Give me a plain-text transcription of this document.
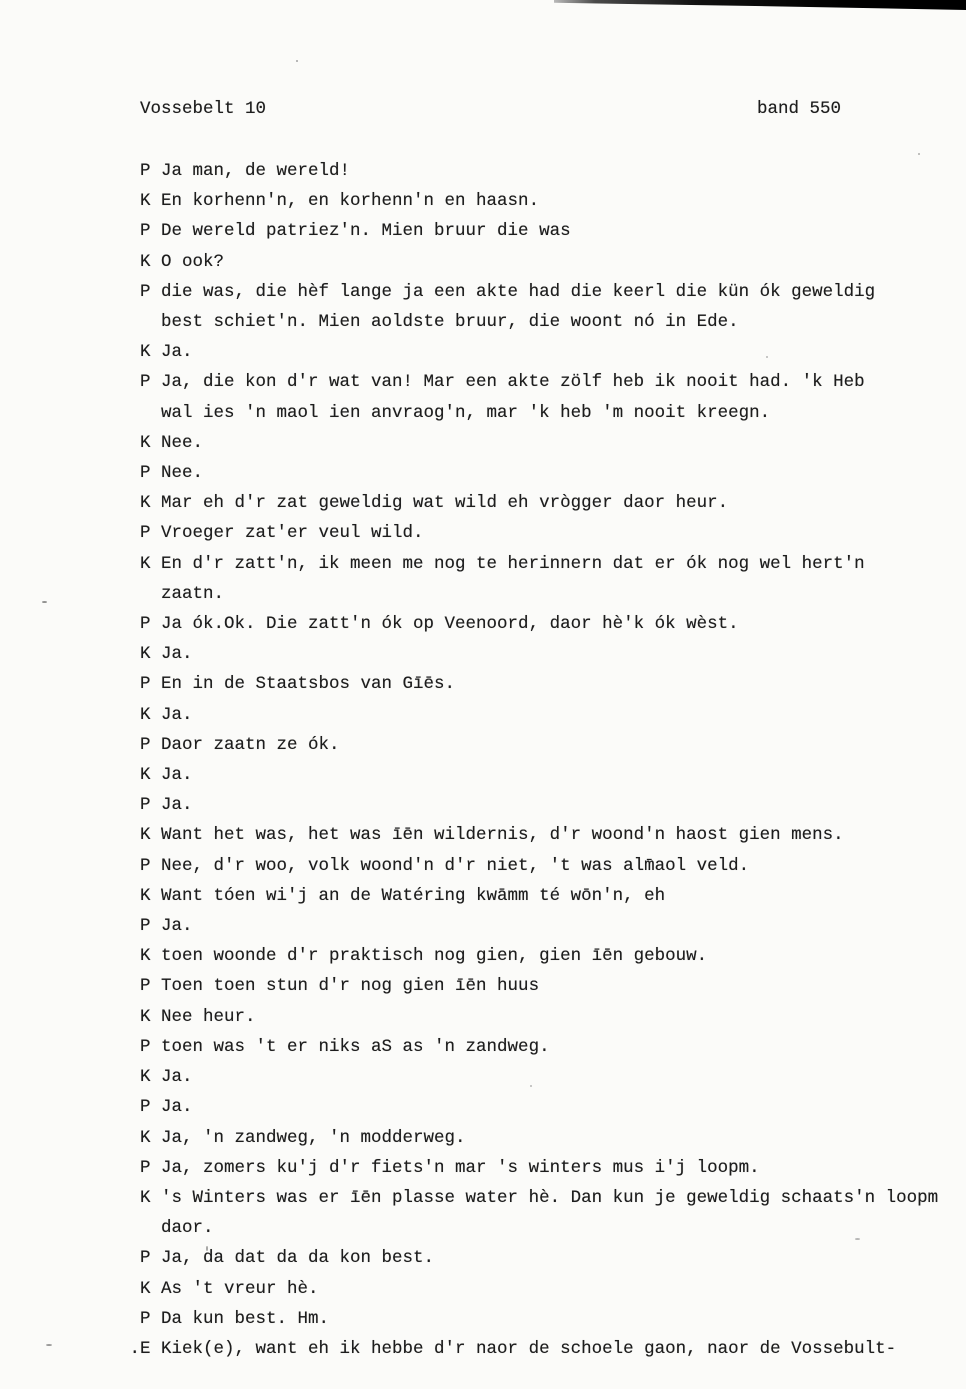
Vossebelt 10	band 550
P Ja man, de wereld!
K En korhenn'n, en korhenn'n en haasn.
P De wereld patriez'n. Mien bruur die was
K O ook?
P die was, die hèf lange ja een akte had die keerl die kün ók geweldig
best schiet'n. Mien aoldste bruur, die woont nó in Ede.
K Ja.
P Ja, die kon d'r wat van! Mar een akte zölf heb ik nooit had. 'k Heb
wal ies 'n maol ien anvraog'n, mar 'k heb 'm nooit kreegn.
K Nee.
P Nee.
K Mar eh d'r zat geweldig wat wild eh vrògger daor heur.
P Vroeger zat'er veul wild.
K En d'r zatt'n, ik meen me nog te herinnern dat er ók nog wel hert'n
zaatn.
P Ja ók.Ok. Die zatt'n ók op Veenoord, daor hè'k ók wèst.
K Ja.
P En in de Staatsbos van Gīēs.
K Ja.
P Daor zaatn ze ók.
K Ja.
P Ja.
K Want het was, het was īēn wildernis, d'r woond'n haost gien mens.
P Nee, d'r woo, volk woond'n d'r niet, 't was alm̄aol veld.
K Want tóen wi'j an de Watéring kwāmm té wōn'n, eh
P Ja.
K toen woonde d'r praktisch nog gien, gien īēn gebouw.
P Toen toen stun d'r nog gien īēn huus
K Nee heur.
P toen was 't er niks aS as 'n zandweg.
K Ja.
P Ja.
K Ja, 'n zandweg, 'n modderweg.
P Ja, zomers ku'j d'r fiets'n mar 's winters mus i'j loopm.
K 's Winters was er īēn plasse water hè. Dan kun je geweldig schaats'n loopm
daor.
P Ja, da dat da da kon best.
K As 't vreur hè.
P Da kun best. Hm.
.E Kiek(e), want eh ik hebbe d'r naor de schoele gaon, naor de Vossebult-
